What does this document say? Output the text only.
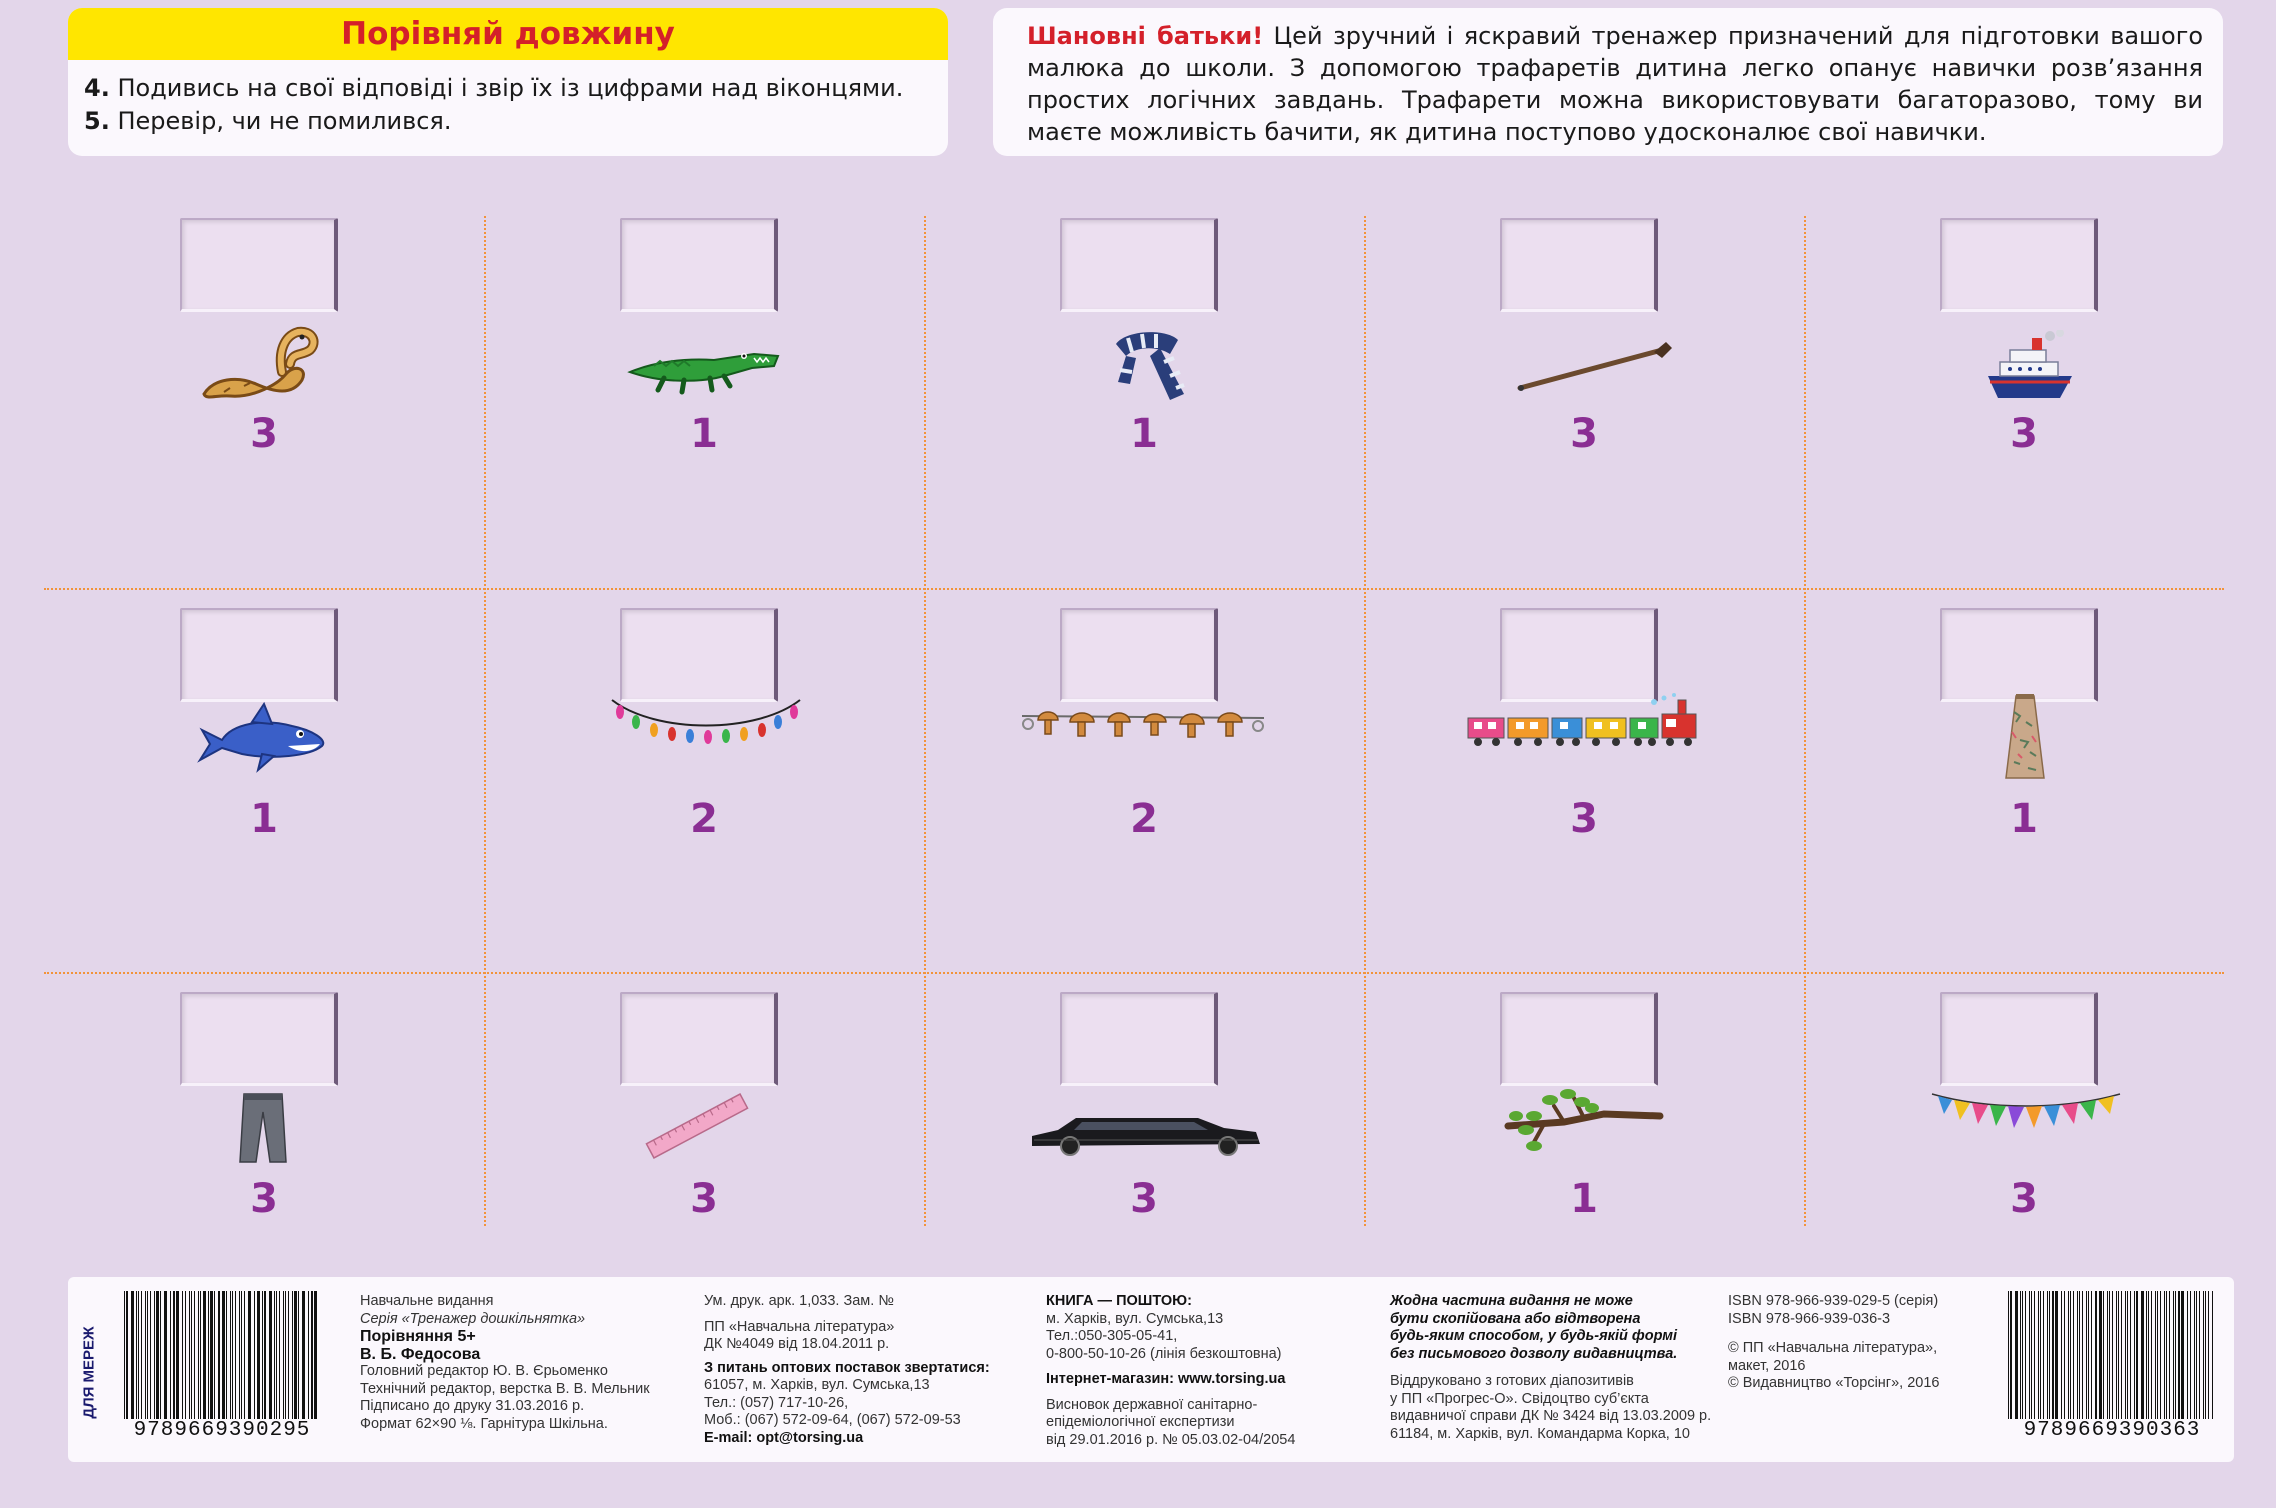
Порівняй довжину
4. Подивись на свої відповіді і звір їх із цифрами над віконцями.
5. Перевір, чи не помилився.
Шановні батьки! Цей зручний і яскравий тренажер призначений для підготовки вашого малюка до школи. З допомогою трафаретів дитина легко опанує навички розв’язання простих логічних завдань. Трафарети можна використовувати багаторазово, тому ви маєте можливість бачити, як дитина поступово удосконалює свої навички.
3	1	1	3	3
1	2	2	3	1
3	3	3	1	3
ДЛЯ МЕРЕЖ
9789669390295
Навчальне видання
Серія «Тренажер дошкільнятка»
Порівняння 5+
В. Б. Федосова
Головний редактор Ю. В. Єрьоменко
Технічний редактор, верстка В. В. Мельник
Підписано до друку 31.03.2016 р.
Формат 62×90 ⅛. Гарнітура Шкільна.
Ум. друк. арк. 1,033. Зам. №
ПП «Навчальна література»
ДК №4049 від 18.04.2011 р.
З питань оптових поставок звертатися:
61057, м. Харків, вул. Сумська,13
Тел.: (057) 717-10-26,
Моб.: (067) 572-09-64, (067) 572-09-53
E-mail: opt@torsing.ua
КНИГА — ПОШТОЮ:
м. Харків, вул. Сумська,13
Тел.:050-305-05-41,
0-800-50-10-26 (лінія безкоштовна)
Інтернет-магазин: www.torsing.ua
Висновок державної санітарно-
епідеміологічної експертизи
від 29.01.2016 р. № 05.03.02-04/2054
Жодна частина видання не може
бути скопійована або відтворена
будь-яким способом, у будь-якій формі
без письмового дозволу видавництва.
Віддруковано з готових діапозитивів
у ПП «Прогрес-О». Свідоцтво суб’єкта
видавничої справи ДК № 3424 від 13.03.2009 р.
61184, м. Харків, вул. Командарма Корка, 10
ISBN 978-966-939-029-5 (серія)
ISBN 978-966-939-036-3
© ПП «Навчальна література»,
макет, 2016
© Видавництво «Торсінг», 2016
9789669390363
